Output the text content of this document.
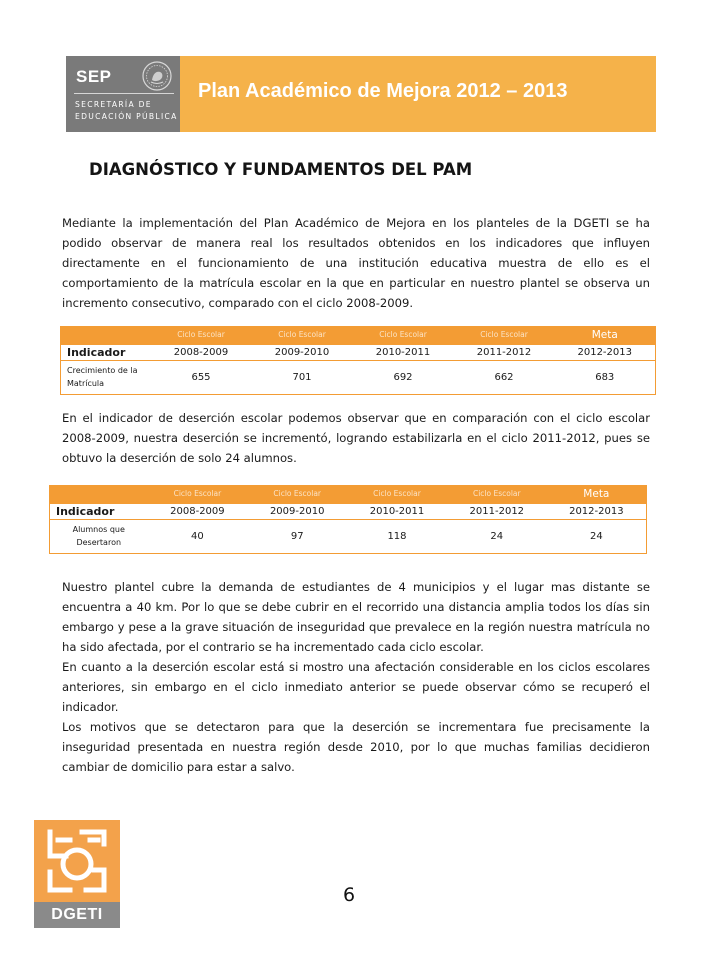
SEP
SECRETARÍA DE
EDUCACIÓN PÚBLICA
Plan Académico de Mejora 2012 – 2013
DIAGNÓSTICO Y FUNDAMENTOS DEL PAM

Mediante la implementación del Plan Académico de Mejora en los planteles de la DGETI se ha podido observar de manera real los resultados obtenidos en los indicadores que influyen directamente en el funcionamiento de una institución educativa muestra de ello es el comportamiento de la matrícula escolar en la que en particular en nuestro plantel se observa un incremento consecutivo, comparado con el ciclo 2008-2009.

	Ciclo Escolar	Ciclo Escolar	Ciclo Escolar	Ciclo Escolar	Meta
Indicador	2008-2009	2009-2010	2010-2011	2011-2012	2012-2013
Crecimiento de la Matrícula	655	701	692	662	683

En el indicador de deserción escolar podemos observar que en comparación con el ciclo escolar 2008-2009, nuestra deserción se incrementó, logrando estabilizarla en el ciclo 2011-2012, pues se obtuvo la deserción de solo 24 alumnos.

	Ciclo Escolar	Ciclo Escolar	Ciclo Escolar	Ciclo Escolar	Meta
Indicador	2008-2009	2009-2010	2010-2011	2011-2012	2012-2013
Alumnos que Desertaron	40	97	118	24	24

Nuestro plantel cubre la demanda de estudiantes de 4 municipios y el lugar mas distante se encuentra a 40 km. Por lo que se debe cubrir en el recorrido una distancia amplia todos los días sin embargo y pese a la grave situación de inseguridad que prevalece en la región nuestra matrícula no ha sido afectada, por el contrario se ha incrementado cada ciclo escolar.

En cuanto a la deserción escolar está si mostro una afectación considerable en los ciclos escolares anteriores, sin embargo en el ciclo inmediato anterior se puede observar cómo se recuperó el indicador.

Los motivos que se detectaron para que la deserción se incrementara fue precisamente la inseguridad presentada en nuestra región desde 2010, por lo que muchas familias decidieron cambiar de domicilio para estar a salvo.

DGETI
6
